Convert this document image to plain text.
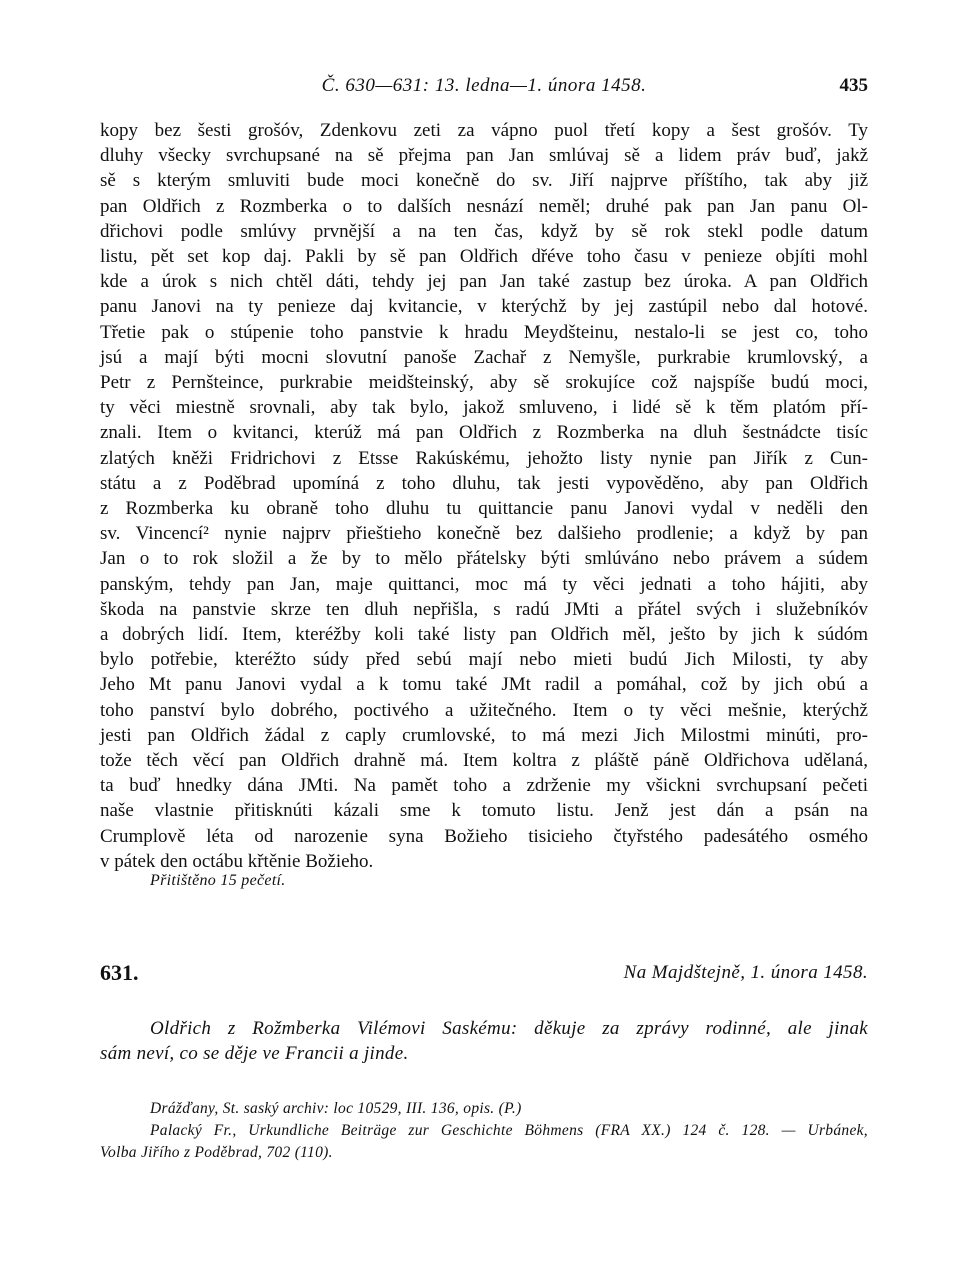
Č. 630—631: 13. ledna—1. února 1458.	435
kopy bez šesti grošóv, Zdenkovu zeti za vápno puol třetí kopy a šest grošóv. Ty
dluhy všecky svrchupsané na sě přejma pan Jan smlúvaj sě a lidem práv buď, jakž
sě s kterým smluviti bude moci konečně do sv. Jiří najprve příštího, tak aby již
pan Oldřich z Rozmberka o to dalších nesnází neměl; druhé pak pan Jan panu Ol-
dřichovi podle smlúvy prvnější a na ten čas, když by sě rok stekl podle datum
listu, pět set kop daj. Pakli by sě pan Oldřich dřéve toho času v penieze objíti mohl
kde a úrok s nich chtěl dáti, tehdy jej pan Jan také zastup bez úroka. A pan Oldřich
panu Janovi na ty penieze daj kvitancie, v kterýchž by jej zastúpil nebo dal hotové.
Třetie pak o stúpenie toho panstvie k hradu Meydšteinu, nestalo-li se jest co, toho
jsú a mají býti mocni slovutní panoše Zachař z Nemyšle, purkrabie krumlovský, a
Petr z Pernšteince, purkrabie meidšteinský, aby sě srokujíce což najspíše budú moci,
ty věci miestně srovnali, aby tak bylo, jakož smluveno, i lidé sě k těm platóm pří-
znali. Item o kvitanci, kterúž má pan Oldřich z Rozmberka na dluh šestnádcte tisíc
zlatých kněži Fridrichovi z Etsse Rakúskému, jehožto listy nynie pan Jiřík z Cun-
státu a z Poděbrad upomíná z toho dluhu, tak jesti vypověděno, aby pan Oldřich
z Rozmberka ku obraně toho dluhu tu quittancie panu Janovi vydal v neděli den
sv. Vincencí² nynie najprv přieštieho konečně bez dalšieho prodlenie; a když by pan
Jan o to rok složil a že by to mělo přátelsky býti smlúváno nebo právem a súdem
panským, tehdy pan Jan, maje quittanci, moc má ty věci jednati a toho hájiti, aby
škoda na panstvie skrze ten dluh nepřišla, s radú JMti a přátel svých i služebníkóv
a dobrých lidí. Item, kteréžby koli také listy pan Oldřich měl, ješto by jich k súdóm
bylo potřebie, kteréžto súdy před sebú mají nebo mieti budú Jich Milosti, ty aby
Jeho Mt panu Janovi vydal a k tomu také JMt radil a pomáhal, což by jich obú a
toho panství bylo dobrého, poctivého a užitečného. Item o ty věci mešnie, kterýchž
jesti pan Oldřich žádal z caply crumlovské, to má mezi Jich Milostmi minúti, pro-
tože těch věcí pan Oldřich drahně má. Item koltra z pláště páně Oldřichova udělaná,
ta buď hnedky dána JMti. Na pamět toho a zdrženie my všickni svrchupsaní pečeti
naše vlastnie přitisknúti kázali sme k tomuto listu. Jenž jest dán a psán na
Crumplově léta od narozenie syna Božieho tisicieho čtyřstého padesátého osmého
v pátek den octábu křtěnie Božieho.
Přitištěno 15 pečetí.
631.	Na Majdštejně, 1. února 1458.
Oldřich z Rožmberka Vilémovi Saskému: děkuje za zprávy rodinné, ale jinak
sám neví, co se děje ve Francii a jinde.
Drážďany, St. saský archiv: loc 10529, III. 136, opis. (P.)
Palacký Fr., Urkundliche Beiträge zur Geschichte Böhmens (FRA XX.) 124 č. 128. — Urbánek,
Volba Jiřího z Poděbrad, 702 (110).
